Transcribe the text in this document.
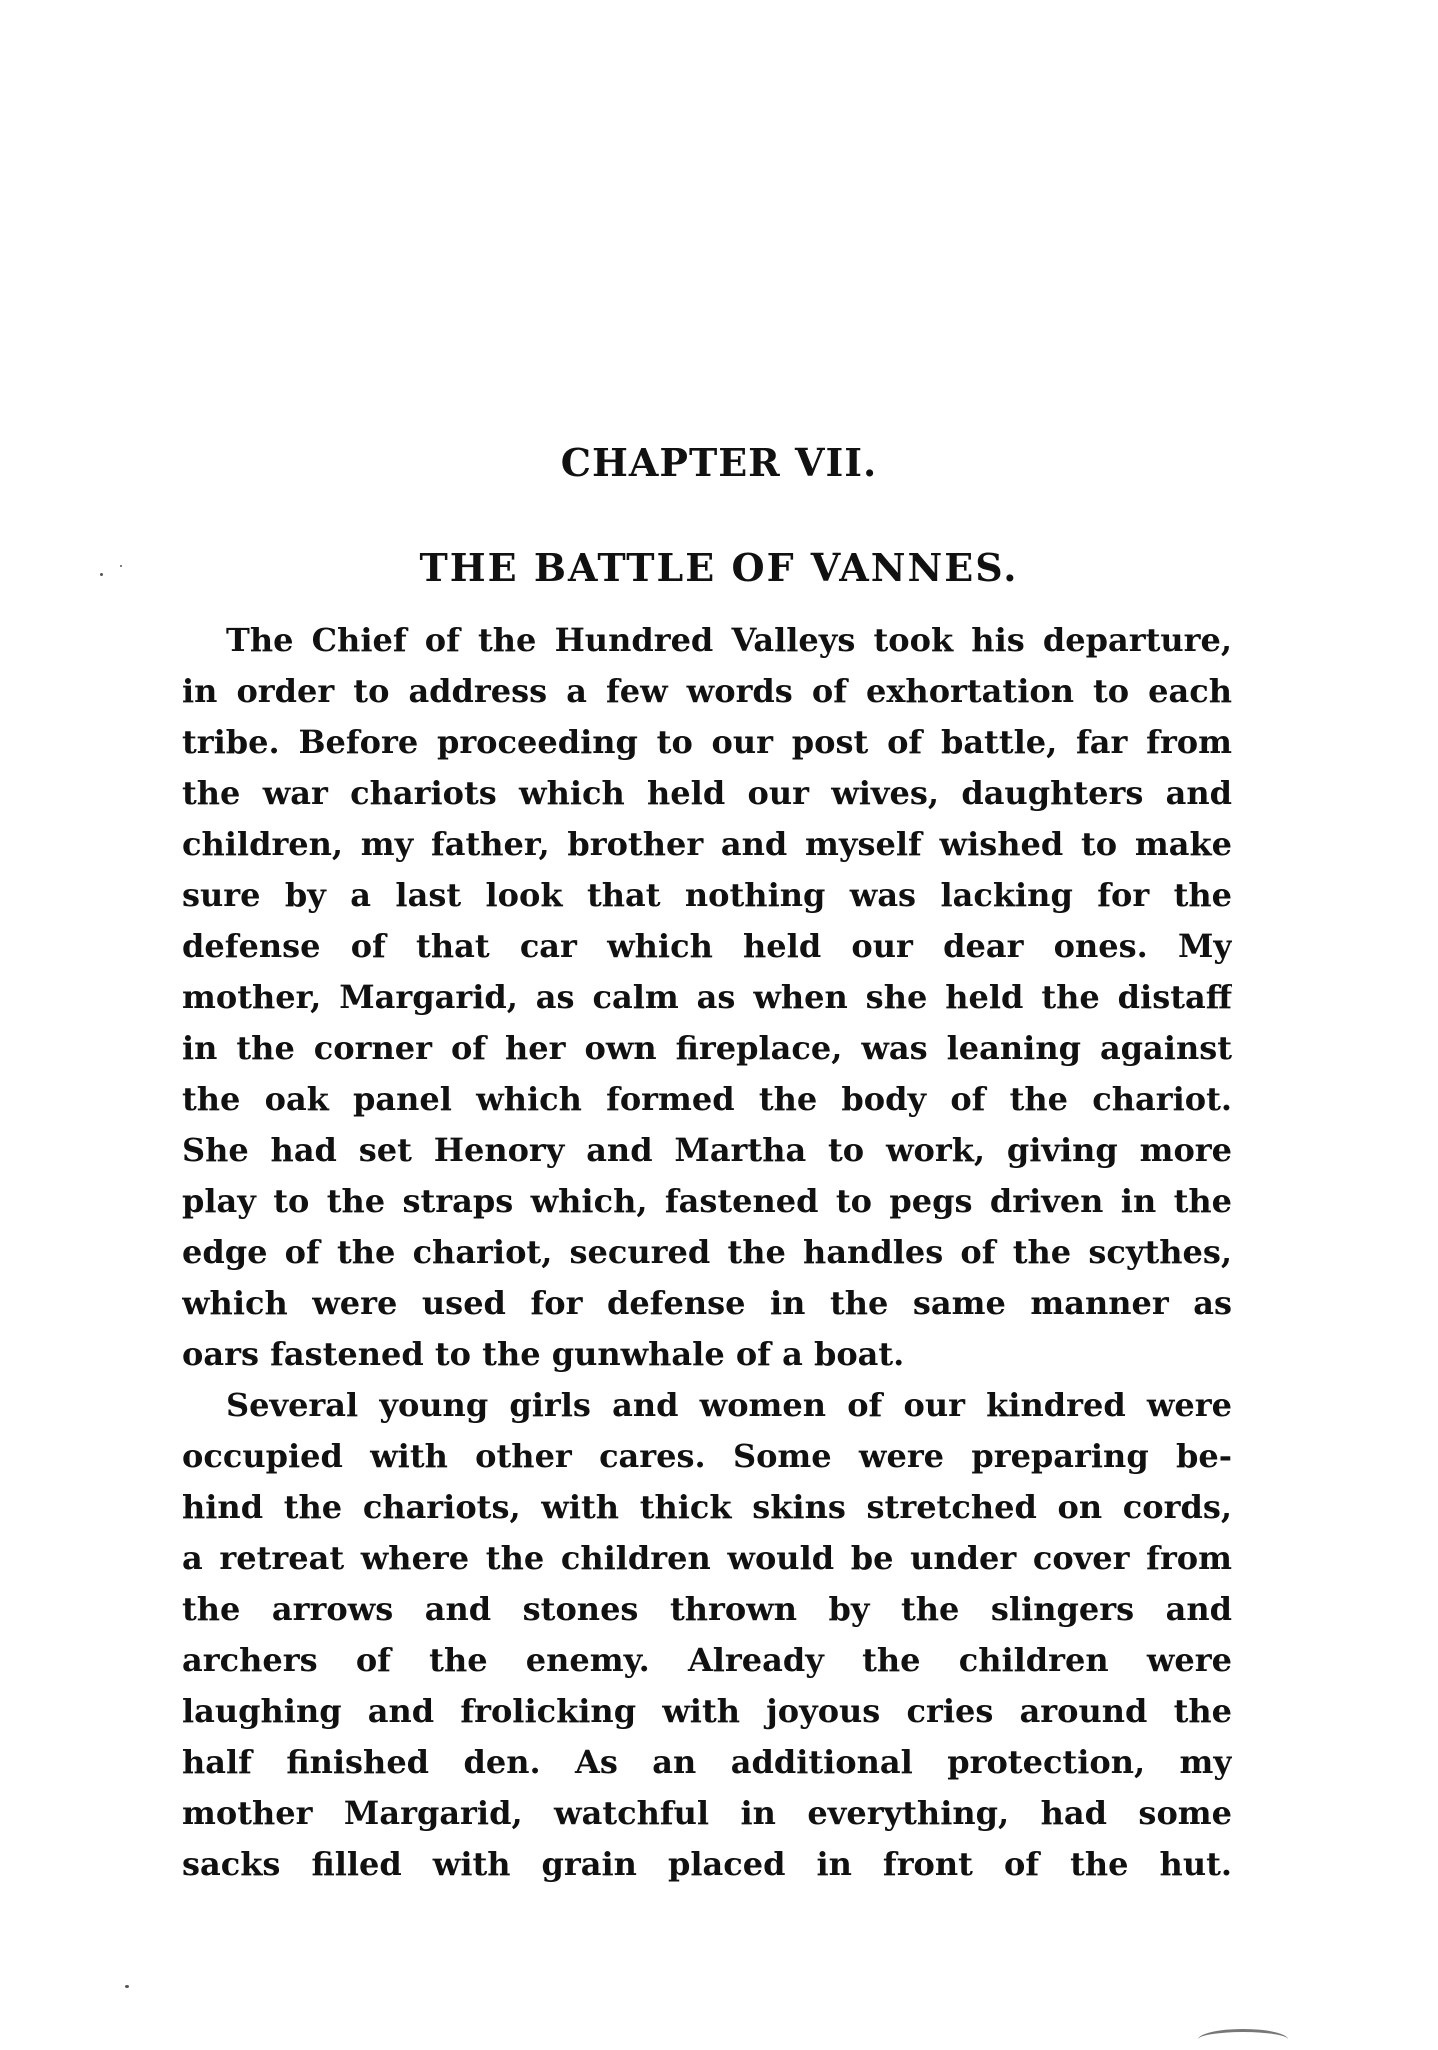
CHAPTER VII.
THE BATTLE OF VANNES.

The Chief of the Hundred Valleys took his departure,
in order to address a few words of exhortation to each
tribe. Before proceeding to our post of battle, far from
the war chariots which held our wives, daughters and
children, my father, brother and myself wished to make
sure by a last look that nothing was lacking for the
defense of that car which held our dear ones. My
mother, Margarid, as calm as when she held the distaff
in the corner of her own fireplace, was leaning against
the oak panel which formed the body of the chariot.
She had set Henory and Martha to work, giving more
play to the straps which, fastened to pegs driven in the
edge of the chariot, secured the handles of the scythes,
which were used for defense in the same manner as
oars fastened to the gunwhale of a boat.

Several young girls and women of our kindred were
occupied with other cares. Some were preparing be-
hind the chariots, with thick skins stretched on cords,
a retreat where the children would be under cover from
the arrows and stones thrown by the slingers and
archers of the enemy. Already the children were
laughing and frolicking with joyous cries around the
half finished den. As an additional protection, my
mother Margarid, watchful in everything, had some
sacks filled with grain placed in front of the hut.
